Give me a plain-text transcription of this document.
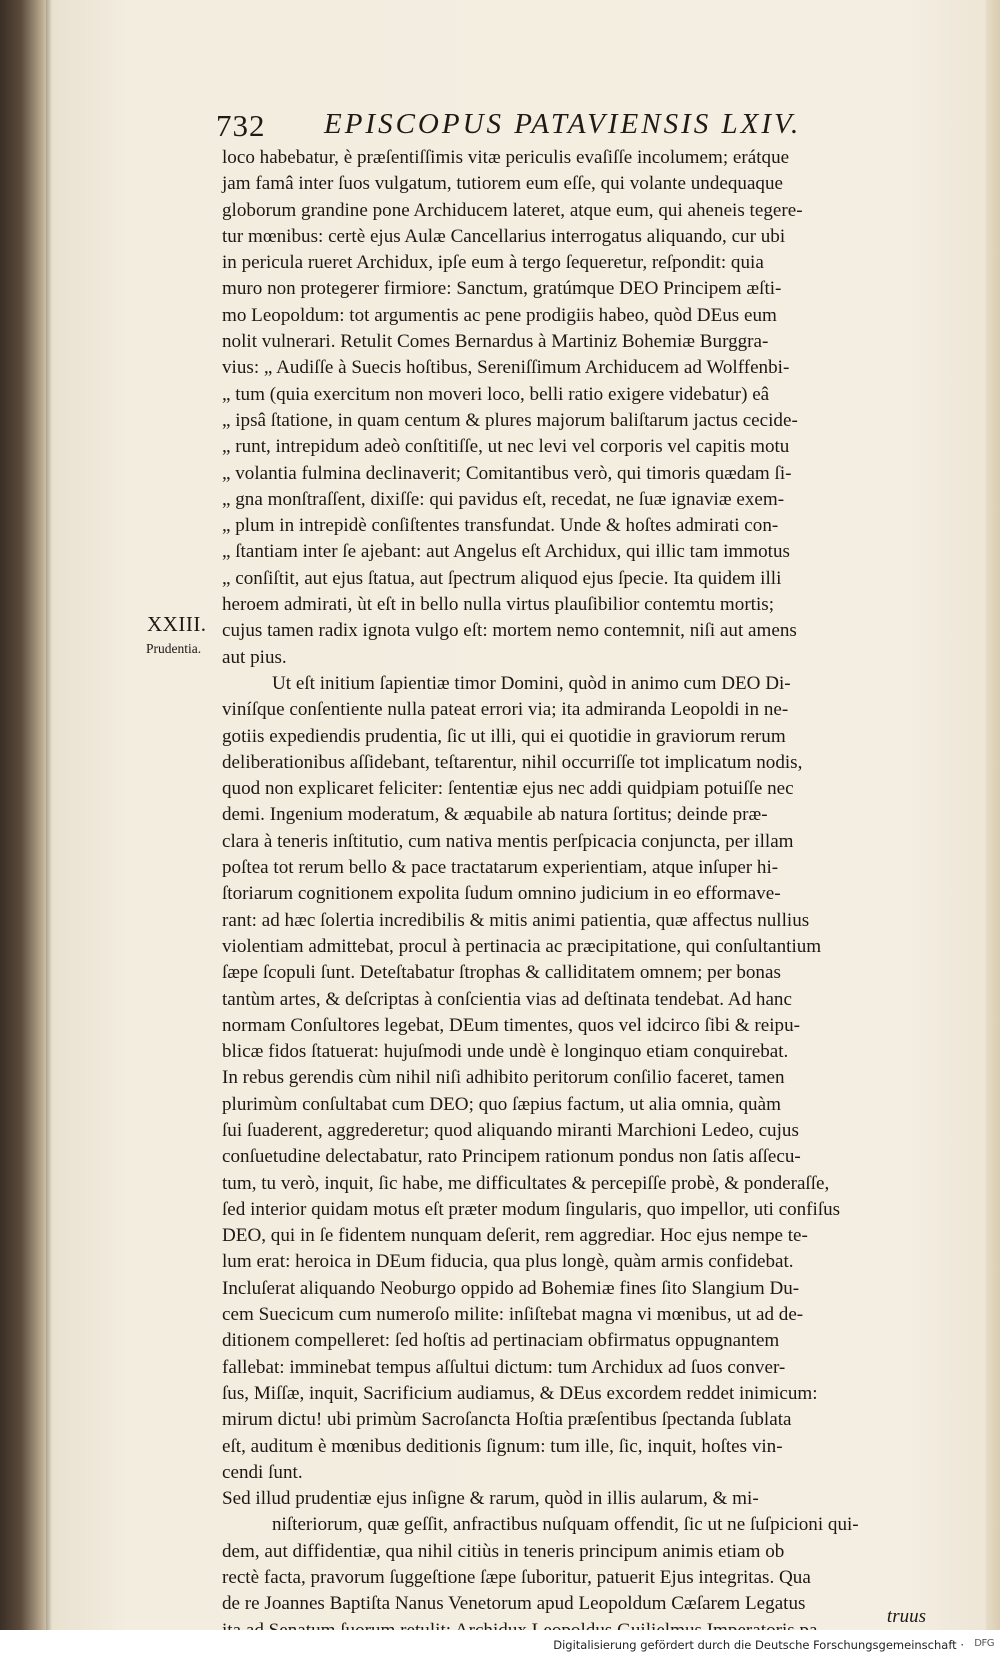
732 EPISCOPUS PATAVIENSIS LXIV.
XXIII.
Prudentia.
loco habebatur, è præſentiſſimis vitæ periculis evaſiſſe incolumem; erátque
jam famâ inter ſuos vulgatum, tutiorem eum eſſe, qui volante undequaque
globorum grandine pone Archiducem lateret, atque eum, qui aheneis tegere-
tur mœnibus: certè ejus Aulæ Cancellarius interrogatus aliquando, cur ubi
in pericula rueret Archidux, ipſe eum à tergo ſequeretur, reſpondit: quia
muro non protegerer firmiore: Sanctum, gratúmque DEO Principem æſti-
mo Leopoldum: tot argumentis ac pene prodigiis habeo, quòd DEus eum
nolit vulnerari. Retulit Comes Bernardus à Martiniz Bohemiæ Burggra-
vius: „ Audiſſe à Suecis hoſtibus, Sereniſſimum Archiducem ad Wolffenbi-
„ tum (quia exercitum non moveri loco, belli ratio exigere videbatur) eâ
„ ipsâ ſtatione, in quam centum & plures majorum baliſtarum jactus cecide-
„ runt, intrepidum adeò conſtitiſſe, ut nec levi vel corporis vel capitis motu
„ volantia fulmina declinaverit; Comitantibus verò, qui timoris quædam ſi-
„ gna monſtraſſent, dixiſſe: qui pavidus eſt, recedat, ne ſuæ ignaviæ exem-
„ plum in intrepidè conſiſtentes transfundat. Unde & hoſtes admirati con-
„ ſtantiam inter ſe ajebant: aut Angelus eſt Archidux, qui illic tam immotus
„ conſiſtit, aut ejus ſtatua, aut ſpectrum aliquod ejus ſpecie. Ita quidem illi
heroem admirati, ùt eſt in bello nulla virtus plauſibilior contemtu mortis;
cujus tamen radix ignota vulgo eſt: mortem nemo contemnit, niſi aut amens
aut pius.
Ut eſt initium ſapientiæ timor Domini, quòd in animo cum DEO Di-
viníſque conſentiente nulla pateat errori via; ita admiranda Leopoldi in ne-
gotiis expediendis prudentia, ſic ut illi, qui ei quotidie in graviorum rerum
deliberationibus aſſidebant, teſtarentur, nihil occurriſſe tot implicatum nodis,
quod non explicaret feliciter: ſententiæ ejus nec addi quidpiam potuiſſe nec
demi. Ingenium moderatum, & æquabile ab natura ſortitus; deinde præ-
clara à teneris inſtitutio, cum nativa mentis perſpicacia conjuncta, per illam
poſtea tot rerum bello & pace tractatarum experientiam, atque inſuper hi-
ſtoriarum cognitionem expolita ſudum omnino judicium in eo efformave-
rant: ad hæc ſolertia incredibilis & mitis animi patientia, quæ affectus nullius
violentiam admittebat, procul à pertinacia ac præcipitatione, qui conſultantium
ſæpe ſcopuli ſunt. Deteſtabatur ſtrophas & calliditatem omnem; per bonas
tantùm artes, & deſcriptas à conſcientia vias ad deſtinata tendebat. Ad hanc
normam Conſultores legebat, DEum timentes, quos vel idcirco ſibi & reipu-
blicæ fidos ſtatuerat: hujuſmodi unde undè è longinquo etiam conquirebat.
In rebus gerendis cùm nihil niſi adhibito peritorum conſilio faceret, tamen
plurimùm conſultabat cum DEO; quo ſæpius factum, ut alia omnia, quàm
ſui ſuaderent, aggrederetur; quod aliquando miranti Marchioni Ledeo, cujus
conſuetudine delectabatur, rato Principem rationum pondus non ſatis aſſecu-
tum, tu verò, inquit, ſic habe, me difficultates & percepiſſe probè, & ponderaſſe,
ſed interior quidam motus eſt præter modum ſingularis, quo impellor, uti confiſus
DEO, qui in ſe fidentem nunquam deſerit, rem aggrediar. Hoc ejus nempe te-
lum erat: heroica in DEum fiducia, qua plus longè, quàm armis confidebat.
Incluſerat aliquando Neoburgo oppido ad Bohemiæ fines ſito Slangium Du-
cem Suecicum cum numeroſo milite: inſiſtebat magna vi mœnibus, ut ad de-
ditionem compelleret: ſed hoſtis ad pertinaciam obfirmatus oppugnantem
fallebat: imminebat tempus aſſultui dictum: tum Archidux ad ſuos conver-
ſus, Miſſæ, inquit, Sacrificium audiamus, & DEus excordem reddet inimicum:
mirum dictu! ubi primùm Sacroſancta Hoſtia præſentibus ſpectanda ſublata
eſt, auditum è mœnibus deditionis ſignum: tum ille, ſic, inquit, hoſtes vin-
cendi ſunt.
Sed illud prudentiæ ejus inſigne & rarum, quòd in illis aularum, & mi-
niſteriorum, quæ geſſit, anfractibus nuſquam offendit, ſic ut ne ſuſpicioni qui-
dem, aut diffidentiæ, qua nihil citiùs in teneris principum animis etiam ob
rectè facta, pravorum ſuggeſtione ſæpe ſuboritur, patuerit Ejus integritas. Qua
de re Joannes Baptiſta Nanus Venetorum apud Leopoldum Cæſarem Legatus
truus
Digitalisierung gefördert durch die Deutsche Forschungsgemeinschaft · DFG
